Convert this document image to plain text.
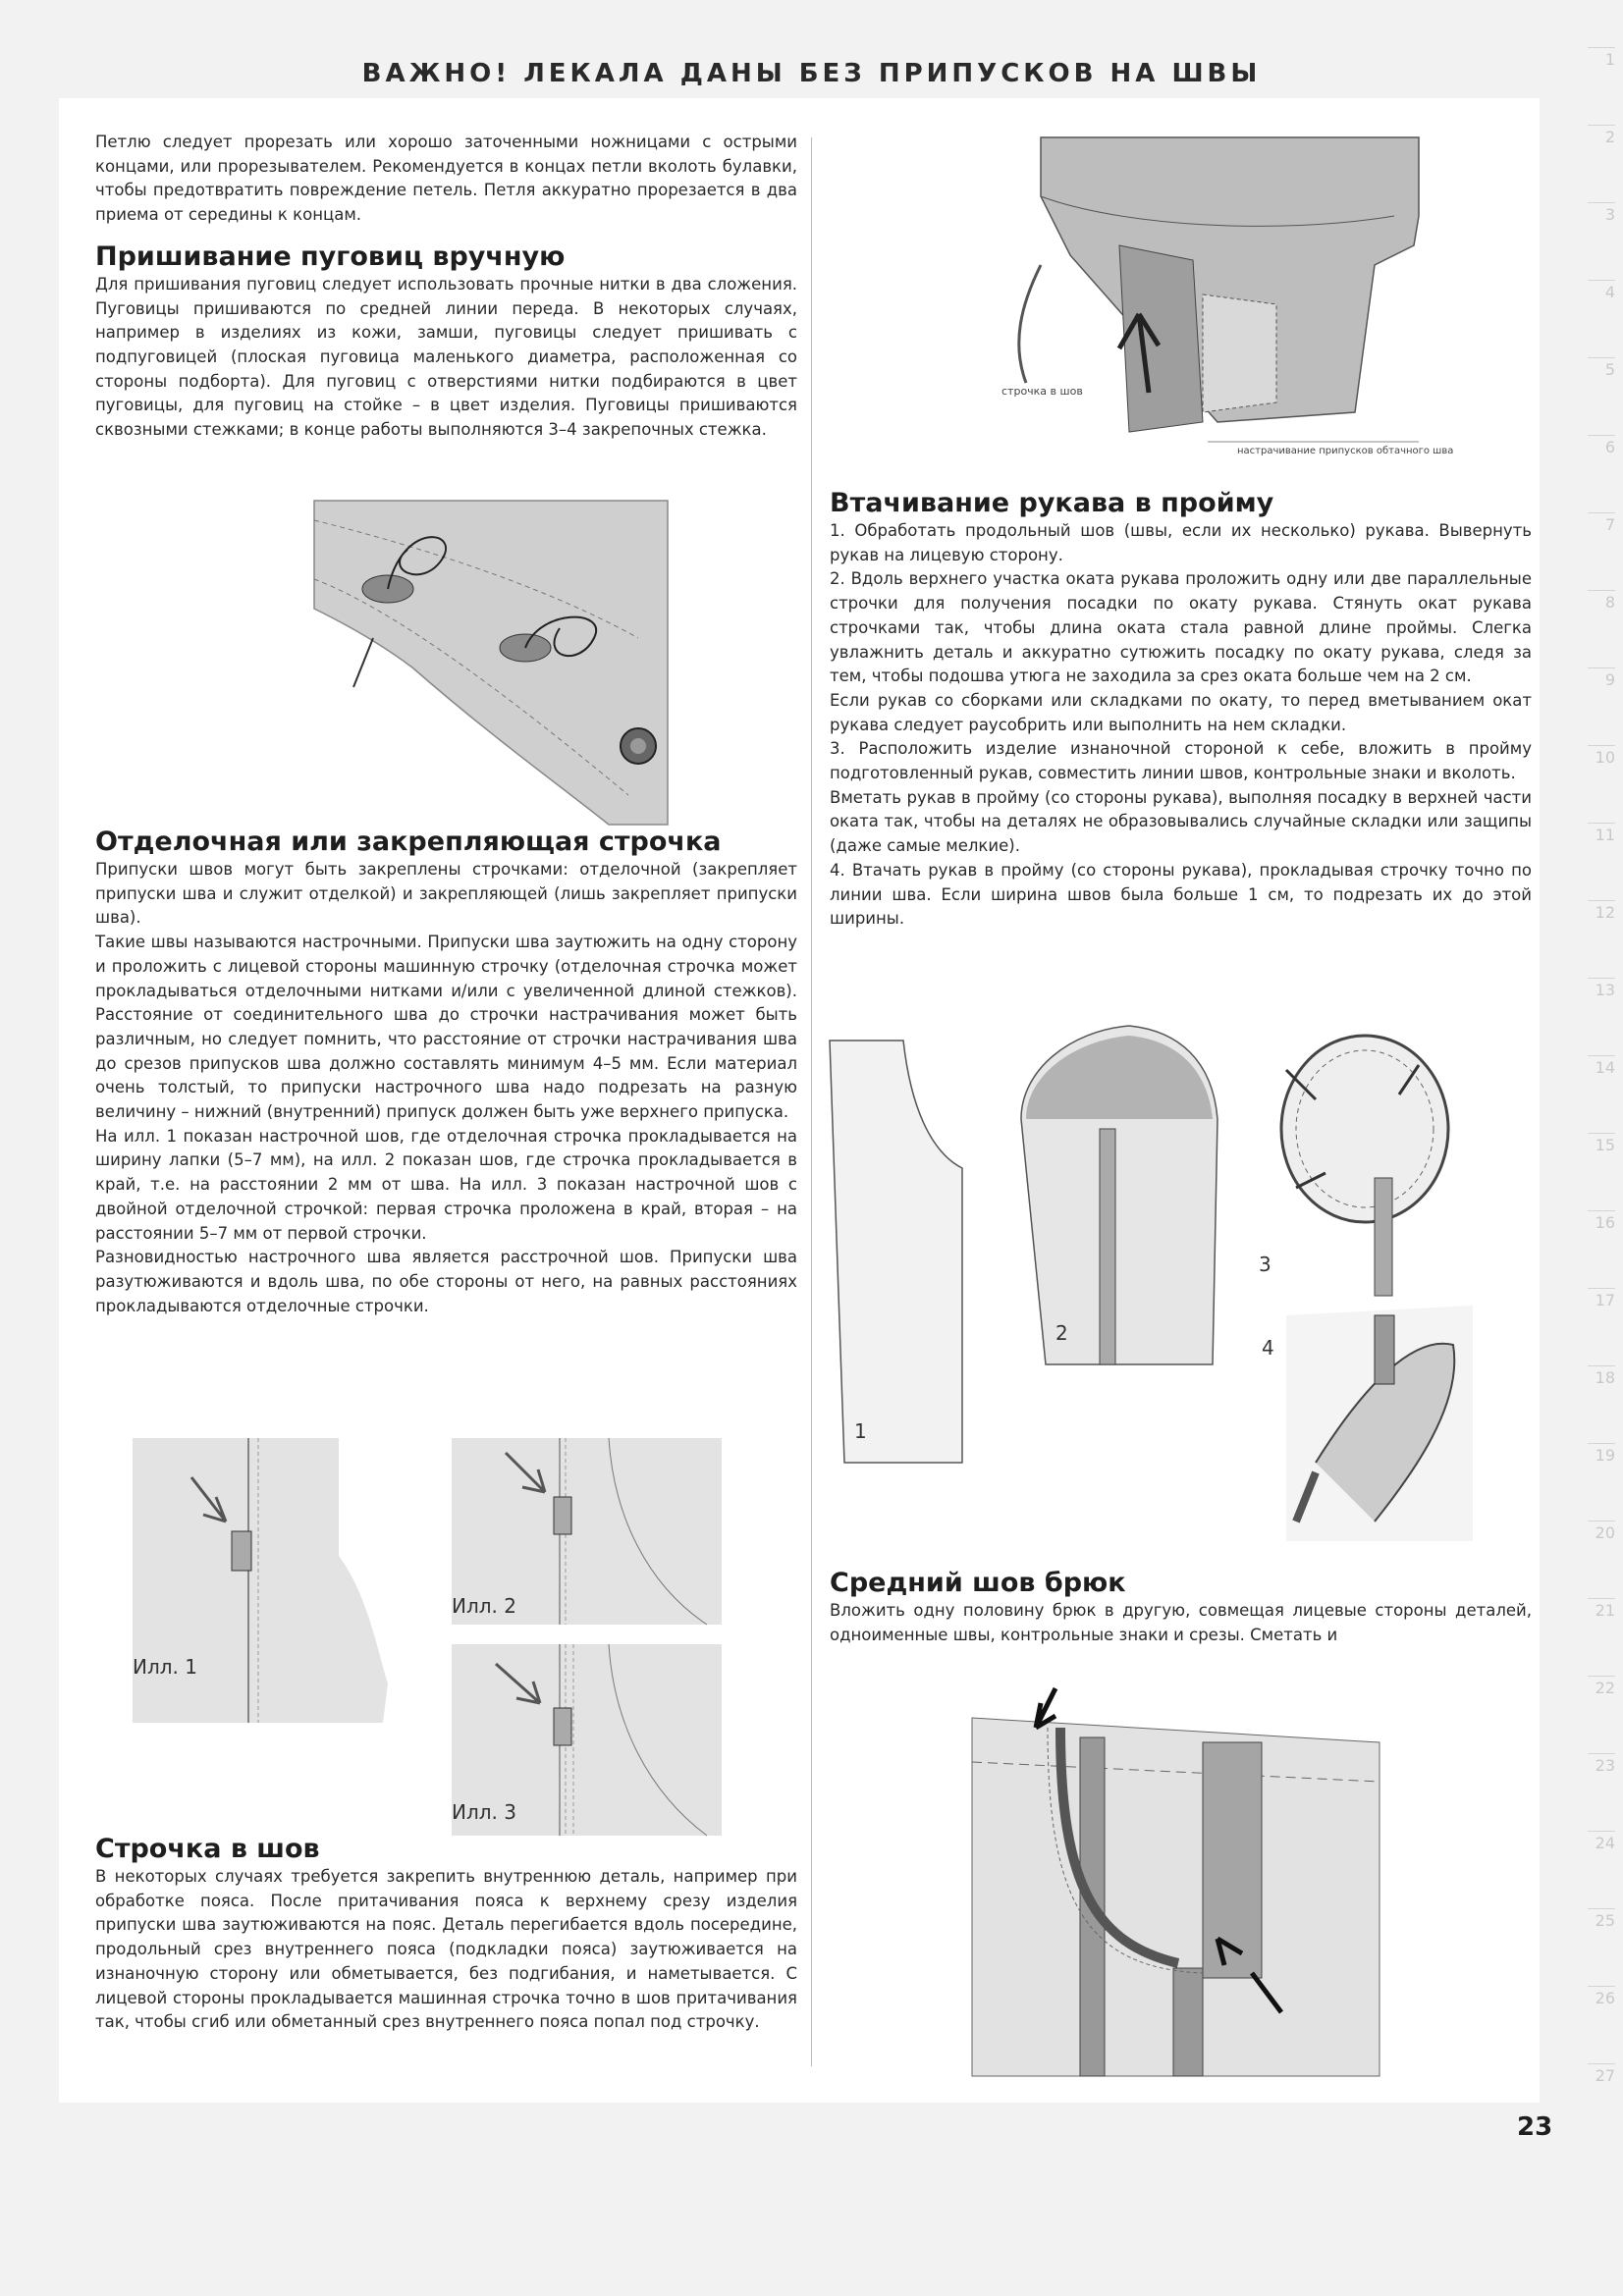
ВАЖНО! ЛЕКАЛА ДАНЫ БЕЗ ПРИПУСКОВ НА ШВЫ	1
2
3
4
5
6
7
8
9
10
11
12
13
14
15
16
17
18
19
20
21
22
23
24
25
26
27

Петлю следует прорезать или хорошо заточенными ножницами с острыми концами, или прорезывателем. Рекомендуется в концах петли вколоть булавки, чтобы предотвратить повреждение петель. Петля аккуратно прорезается в два приема от середины к концам.

Пришивание пуговиц вручную

Для пришивания пуговиц следует использовать прочные нитки в два сложения. Пуговицы пришиваются по средней линии переда. В некоторых случаях, например в изделиях из кожи, замши, пуговицы следует пришивать с подпуговицей (плоская пуговица маленького диаметра, расположенная со стороны подборта). Для пуговиц с отверстиями нитки подбираются в цвет пуговицы, для пуговиц на стойке – в цвет изделия. Пуговицы пришиваются сквозными стежками; в конце работы выполняются 3–4 закрепочных стежка.

Отделочная или закрепляющая строчка

Припуски швов могут быть закреплены строчками: отделочной (закрепляет припуски шва и служит отделкой) и закрепляющей (лишь закрепляет припуски шва).
Такие швы называются настрочными. Припуски шва заутюжить на одну сторону и проложить с лицевой стороны машинную строчку (отделочная строчка может прокладываться отделочными нитками и/или с увеличенной длиной стежков). Расстояние от соединительного шва до строчки настрачивания может быть различным, но следует помнить, что расстояние от строчки настрачивания шва до срезов припусков шва должно составлять минимум 4–5 мм. Если материал очень толстый, то припуски настрочного шва надо подрезать на разную величину – нижний (внутренний) припуск должен быть уже верхнего припуска.
На илл. 1 показан настрочной шов, где отделочная строчка прокладывается на ширину лапки (5–7 мм), на илл. 2 показан шов, где строчка прокладывается в край, т.е. на расстоянии 2 мм от шва. На илл. 3 показан настрочной шов с двойной отделочной строчкой: первая строчка проложена в край, вторая – на расстоянии 5–7 мм от первой строчки.
Разновидностью настрочного шва является расстрочной шов. Припуски шва разутюживаются и вдоль шва, по обе стороны от него, на равных расстояниях прокладываются отделочные строчки.

Илл. 1
Илл. 2
Илл. 3
Строчка в шов

В некоторых случаях требуется закрепить внутреннюю деталь, например при обработке пояса. После притачивания пояса к верхнему срезу изделия припуски шва заутюживаются на пояс. Деталь перегибается вдоль посередине, продольный срез внутреннего пояса (подкладки пояса) заутюживается на изнаночную сторону или обметывается, без подгибания, и наметывается. С лицевой стороны прокладывается машинная строчка точно в шов притачивания так, чтобы сгиб или обметанный срез внутреннего пояса попал под строчку.

строчка в шов
настрачивание припусков обтачного шва
Втачивание рукава в пройму

1. Обработать продольный шов (швы, если их несколько) рукава. Вывернуть рукав на лицевую сторону.
2. Вдоль верхнего участка оката рукава проложить одну или две параллельные строчки для получения посадки по окату рукава. Стянуть окат рукава строчками так, чтобы длина оката стала равной длине проймы. Слегка увлажнить деталь и аккуратно сутюжить посадку по окату рукава, следя за тем, чтобы подошва утюга не заходила за срез оката больше чем на 2 см.
Если рукав со сборками или складками по окату, то перед вметыванием окат рукава следует payсобрить или выполнить на нем складки.
3. Расположить изделие изнаночной стороной к себе, вложить в пройму подготовленный рукав, совместить линии швов, контрольные знаки и вколоть.
Вметать рукав в пройму (со стороны рукава), выполняя посадку в верхней части оката так, чтобы на деталях не образовывались случайные складки или защипы (даже самые мелкие).
4. Втачать рукав в пройму (со стороны рукава), прокладывая строчку точно по линии шва. Если ширина швов была больше 1 см, то подрезать их до этой ширины.

1
2
3
4
Средний шов брюк

Вложить одну половину брюк в другую, совмещая лицевые стороны деталей, одноименные швы, контрольные знаки и срезы. Сметать и

23
